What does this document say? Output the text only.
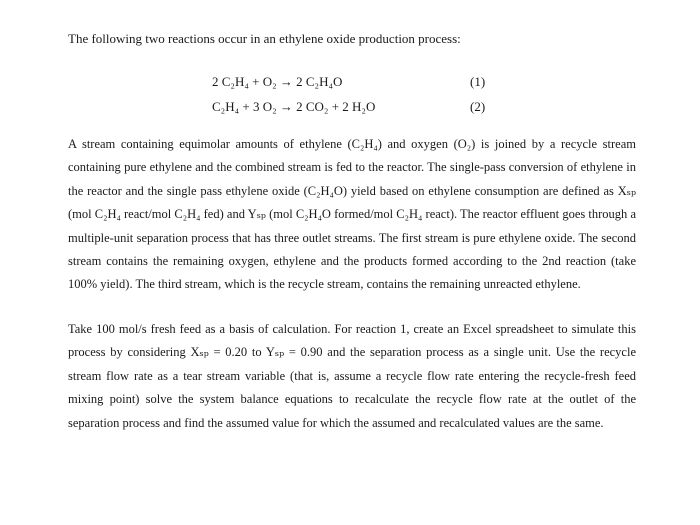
The following two reactions occur in an ethylene oxide production process:
2 C₂H₄ + O₂ → 2 C₂H₄O	(1)
C₂H₄ + 3 O₂ → 2 CO₂ + 2 H₂O	(2)

A stream containing equimolar amounts of ethylene (C₂H₄) and oxygen (O₂) is joined by a recycle stream containing pure ethylene and the combined stream is fed to the reactor. The single-pass conversion of ethylene in the reactor and the single pass ethylene oxide (C₂H₄O) yield based on ethylene consumption are defined as Xₛₚ (mol C₂H₄ react/mol C₂H₄ fed) and Yₛₚ (mol C₂H₄O formed/mol C₂H₄ react). The reactor effluent goes through a multiple-unit separation process that has three outlet streams. The first stream is pure ethylene oxide. The second stream contains the remaining oxygen, ethylene and the products formed according to the 2nd reaction (take 100% yield). The third stream, which is the recycle stream, contains the remaining unreacted ethylene.

Take 100 mol/s fresh feed as a basis of calculation. For reaction 1, create an Excel spreadsheet to simulate this process by considering Xₛₚ = 0.20 to Yₛₚ = 0.90 and the separation process as a single unit. Use the recycle stream flow rate as a tear stream variable (that is, assume a recycle flow rate entering the recycle-fresh feed mixing point) solve the system balance equations to recalculate the recycle flow rate at the outlet of the separation process and find the assumed value for which the assumed and recalculated values are the same.
